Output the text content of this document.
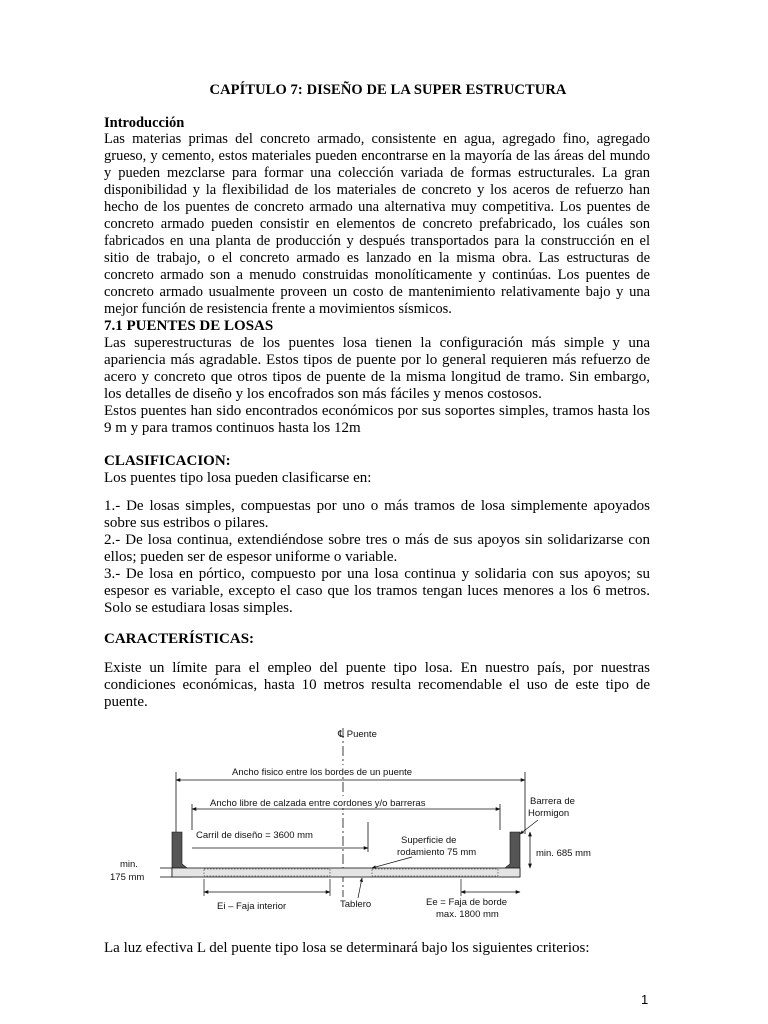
CAPÍTULO 7: DISEÑO DE LA SUPER ESTRUCTURA
Introducción
Las materias primas del concreto armado, consistente en agua, agregado fino, agregado grueso, y cemento, estos materiales pueden encontrarse en la mayoría de las áreas del mundo y pueden mezclarse para formar una colección variada de formas estructurales. La gran disponibilidad y la flexibilidad de los materiales de concreto y los aceros de refuerzo han hecho de los puentes de concreto armado una alternativa muy competitiva. Los puentes de concreto armado pueden consistir en elementos de concreto prefabricado, los cuáles son fabricados en una planta de producción y después transportados para la construcción en el sitio de trabajo, o el concreto armado es lanzado en la misma obra. Las estructuras de concreto armado son a menudo construidas monolíticamente y continúas. Los puentes de concreto armado usualmente proveen un costo de mantenimiento relativamente bajo y una mejor función de resistencia frente a movimientos sísmicos.
7.1 PUENTES DE LOSAS
Las superestructuras de los puentes losa tienen la configuración más simple y una apariencia más agradable. Estos tipos de puente por lo general requieren más refuerzo de acero y concreto que otros tipos de puente de la misma longitud de tramo. Sin embargo, los detalles de diseño y los encofrados son más fáciles y menos costosos.
Estos puentes han sido encontrados económicos por sus soportes simples, tramos hasta los 9 m y para tramos continuos hasta los 12m
CLASIFICACION:
Los puentes tipo losa pueden clasificarse en:
1.- De losas simples, compuestas por uno o más tramos de losa simplemente apoyados sobre sus estribos o pilares.
2.- De losa continua, extendiéndose sobre tres o más de sus apoyos sin solidarizarse con ellos; pueden ser de espesor uniforme o variable.
3.- De losa en pórtico, compuesto por una losa continua y solidaria con sus apoyos; su espesor es variable, excepto el caso que los tramos tengan luces menores a los 6 metros. Solo se estudiara losas simples.
CARACTERÍSTICAS:
Existe un límite para el empleo del puente tipo losa. En nuestro país, por nuestras condiciones económicas, hasta 10 metros resulta recomendable el uso de este tipo de puente.
℄ Puente
Ancho fisico entre los bordes de un puente
Ancho libre de calzada entre cordones y/o barreras
Carril de diseño = 3600 mm	Superficie de
rodamiento 75 mm
Barrera de
Hormigon
min. 685 mm
min.
175 mm
Ei – Faja interior	Tablero	Ee = Faja de borde
max. 1800 mm
La luz efectiva L del puente tipo losa se determinará bajo los siguientes criterios:
1
